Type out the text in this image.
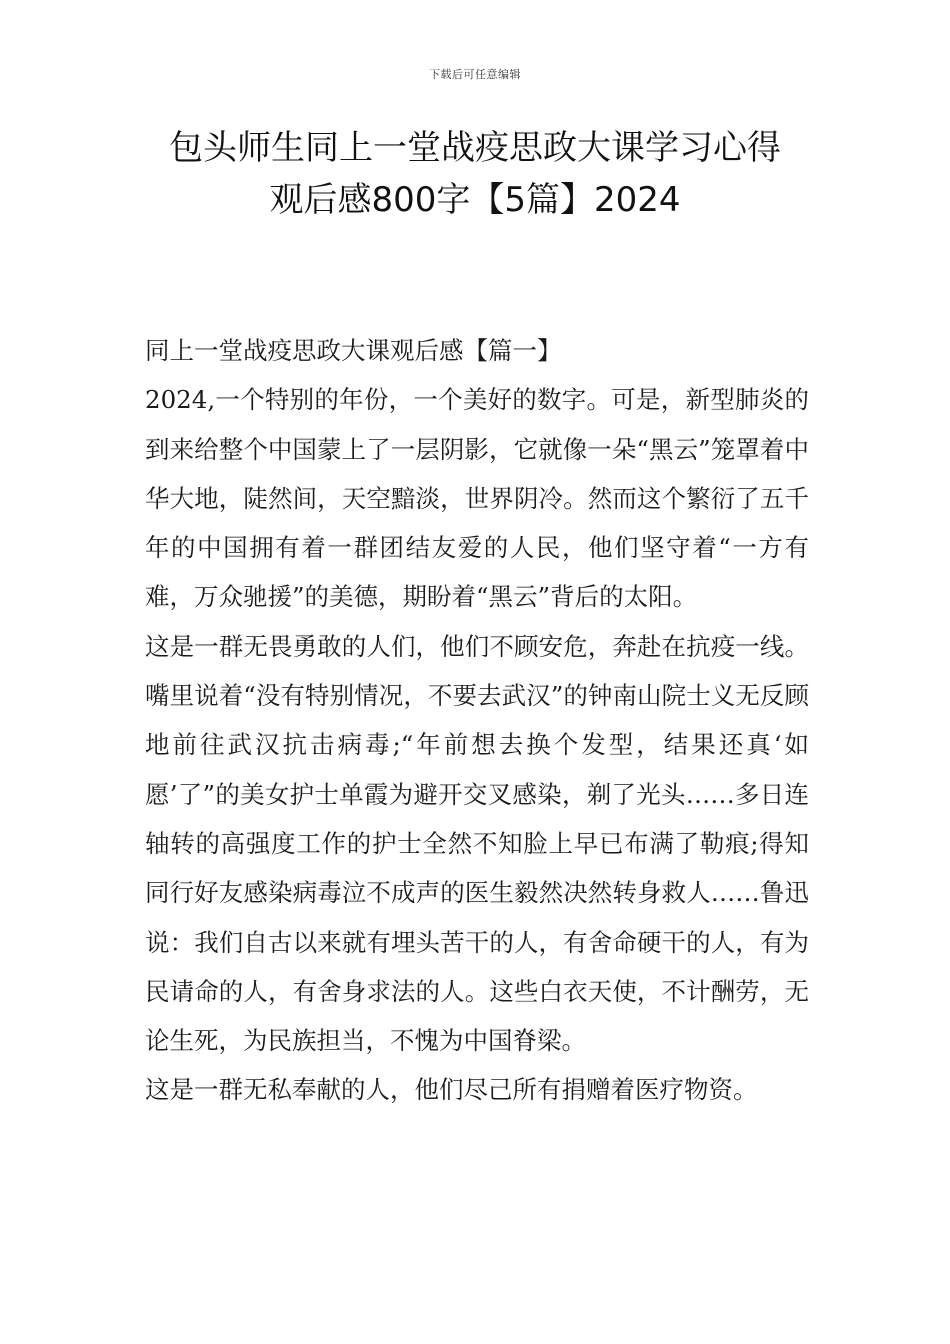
下载后可任意编辑
包头师生同上一堂战疫思政大课学习心得
观后感800字【5篇】2024
同上一堂战疫思政大课观后感【篇一】

2024,一个特别的年份，一个美好的数字。可是，新型肺炎的到来给整个中国蒙上了一层阴影，它就像一朵“黑云”笼罩着中华大地，陡然间，天空黯淡，世界阴冷。然而这个繁衍了五千年的中国拥有着一群团结友爱的人民，他们坚守着“一方有难，万众驰援”的美德，期盼着“黑云”背后的太阳。

这是一群无畏勇敢的人们，他们不顾安危，奔赴在抗疫一线。嘴里说着“没有特别情况，不要去武汉”的钟南山院士义无反顾地前往武汉抗击病毒;“年前想去换个发型，结果还真‘如愿’了”的美女护士单霞为避开交叉感染，剃了光头……多日连轴转的高强度工作的护士全然不知脸上早已布满了勒痕;得知同行好友感染病毒泣不成声的医生毅然决然转身救人……鲁迅说：我们自古以来就有埋头苦干的人，有舍命硬干的人，有为民请命的人，有舍身求法的人。这些白衣天使，不计酬劳，无论生死，为民族担当，不愧为中国脊梁。

这是一群无私奉献的人，他们尽己所有捐赠着医疗物资。
